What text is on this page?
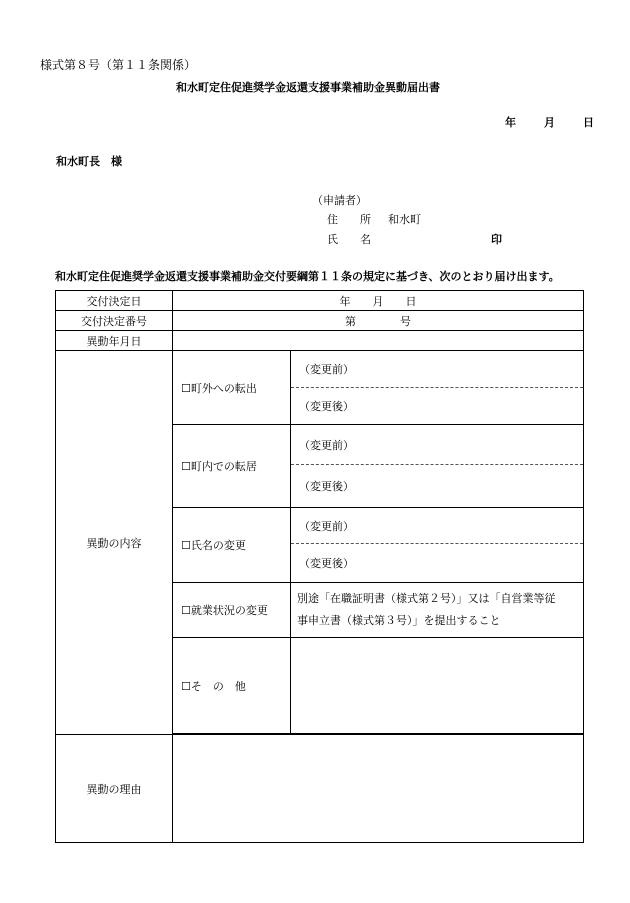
様式第８号（第１１条関係）
和水町定住促進奨学金返還支援事業補助金異動届出書
年　　月　　日
和水町長　様
（申請者）
住　　所 和水町
氏　　名	印
和水町定住促進奨学金返還支援事業補助金交付要綱第１１条の規定に基づき、次のとおり届け出ます。
交付決定日	年　　月　　日	
交付決定番号	第　　　　号	
異動年月日		
異動の内容	☐町外への転出	（変更前）
		（変更後）
	☐町内での転居	（変更前）
		（変更後）
	☐氏名の変更	（変更前）
		（変更後）
	☐就業状況の変更	別途「在職証明書（様式第２号）」又は「自営業等従
事申立書（様式第３号）」を提出すること

	☐そ　の　他	

異動の理由		
